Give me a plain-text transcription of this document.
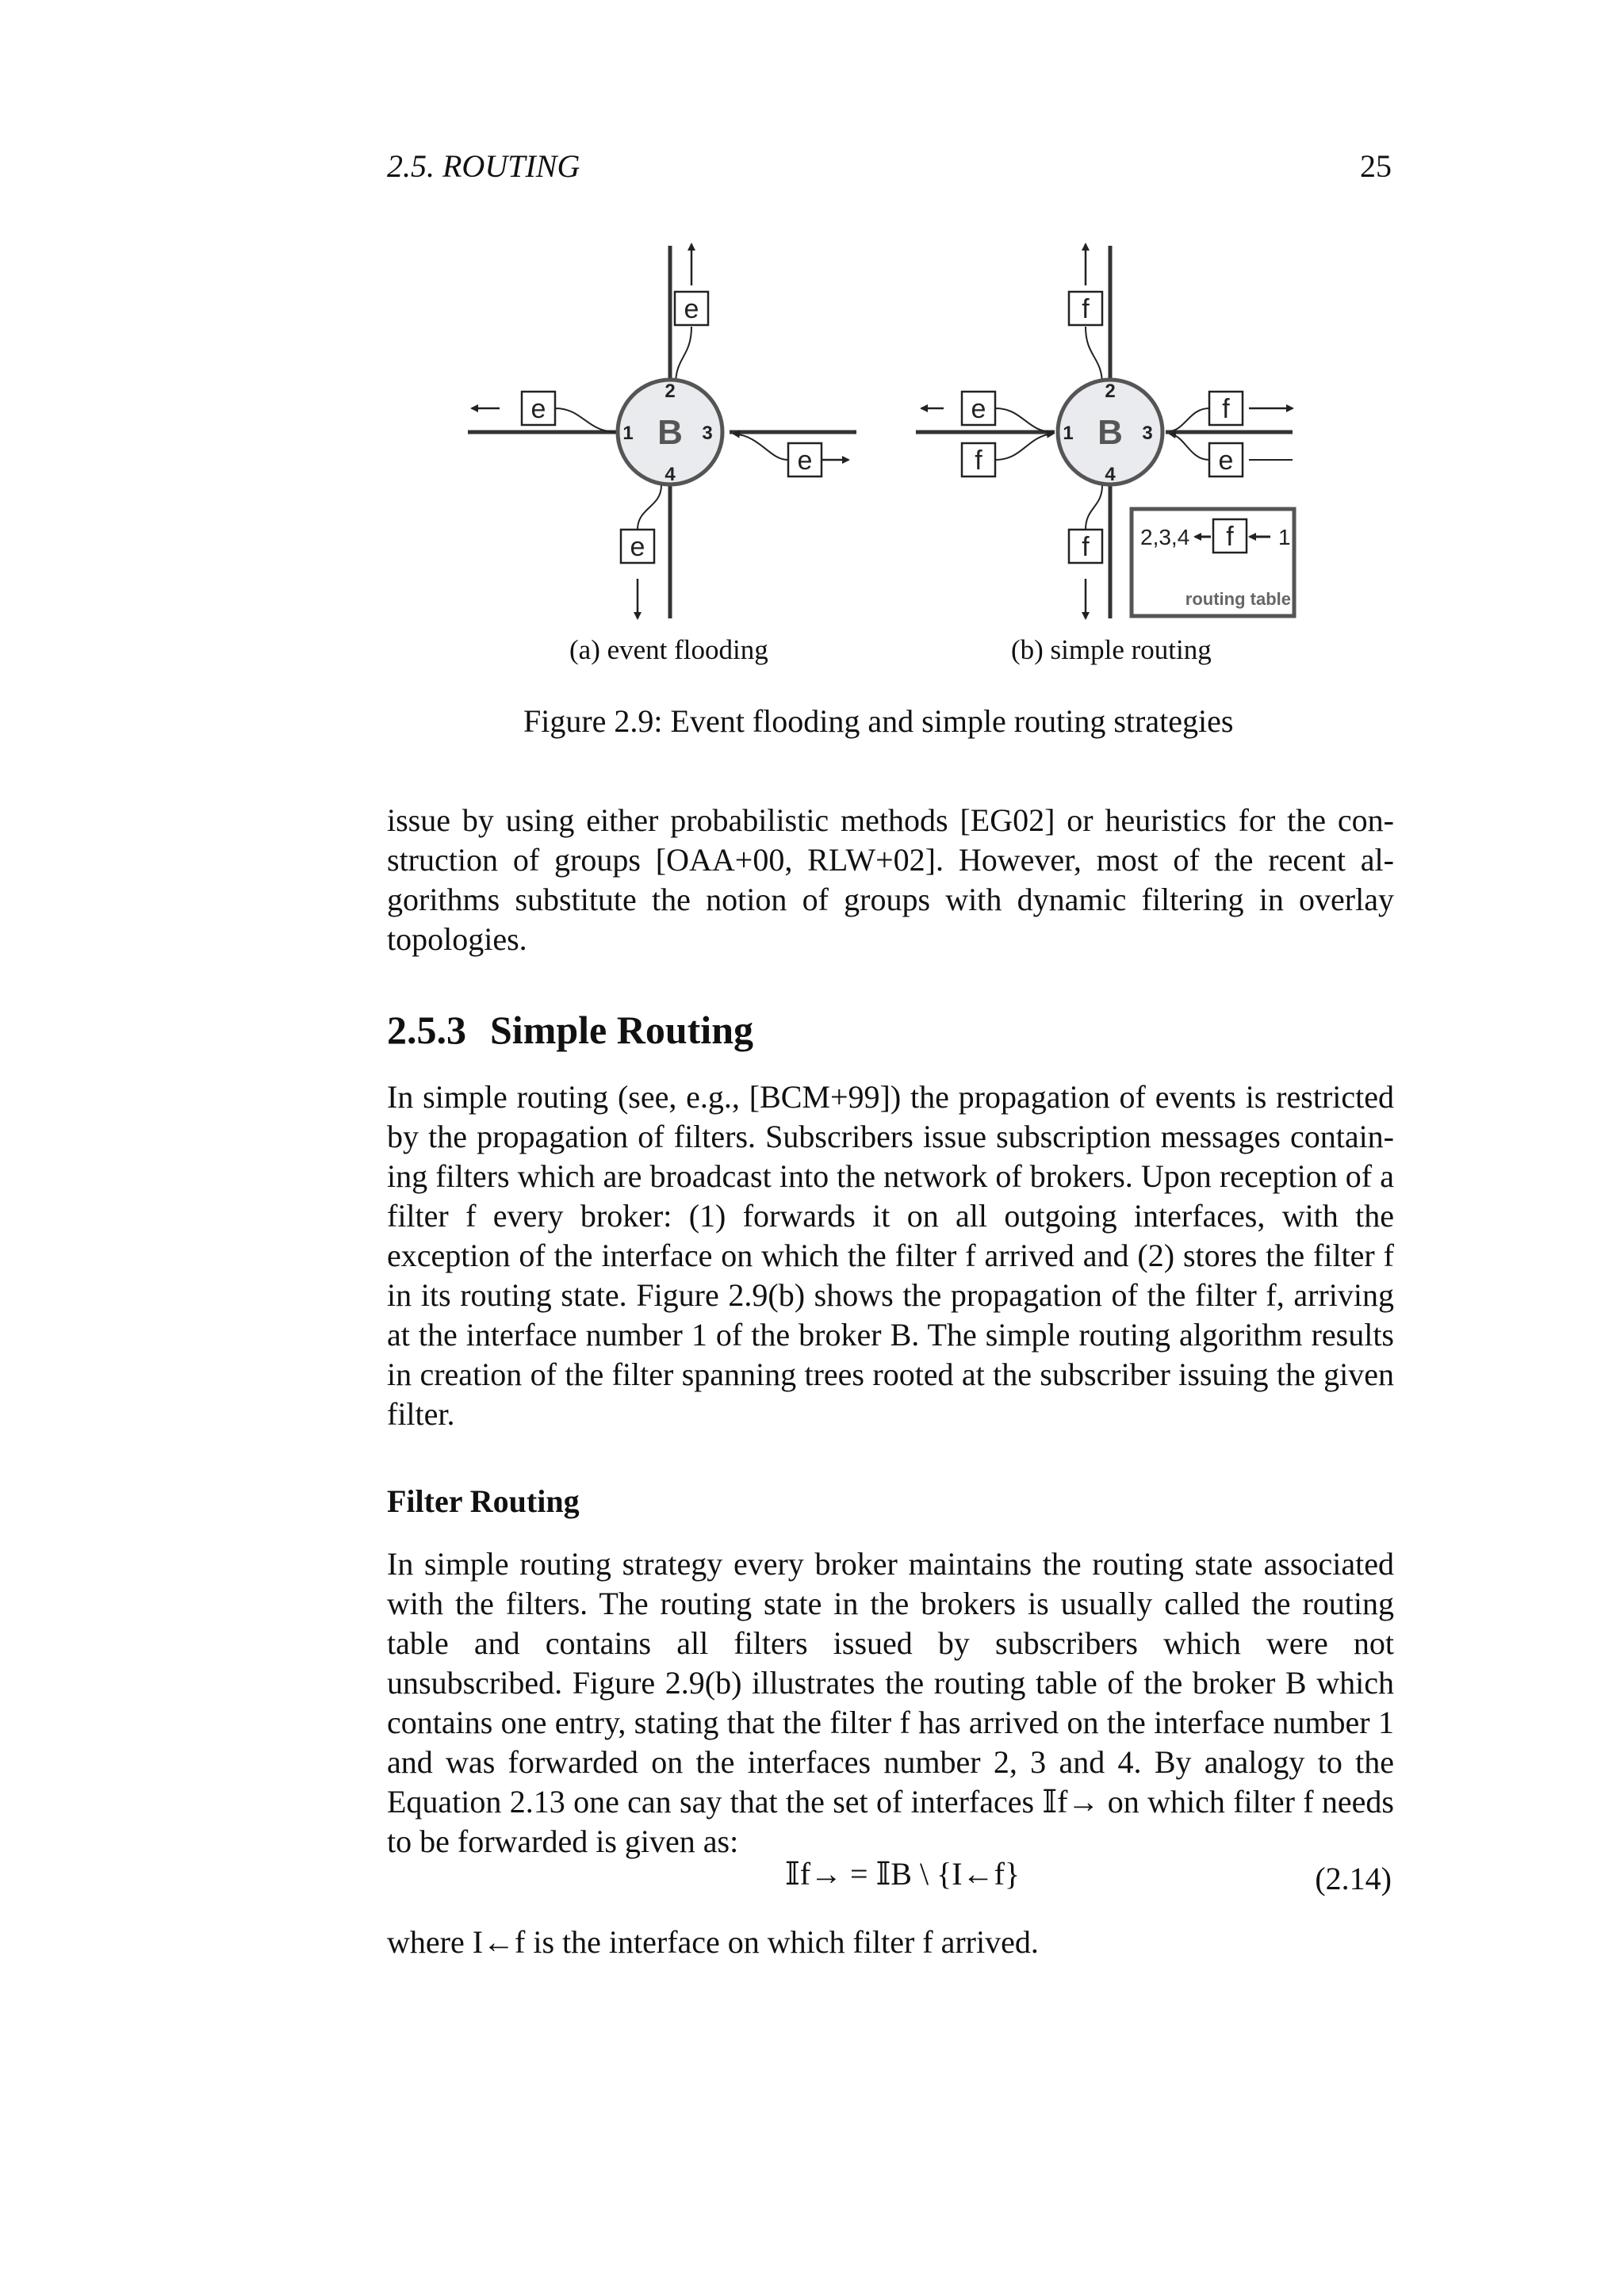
2.5. ROUTING	25
B	B
1
2
3
4
1
2
3
4
e
e
e
e
f
e
f
f
e
f 2,3,4 f 1
routing table
(a) event flooding	(b) simple routing
Figure 2.9: Event flooding and simple routing strategies

issue by using either probabilistic methods [EG02] or heuristics for the con-struction of groups [OAA+00, RLW+02]. However, most of the recent al-gorithms substitute the notion of groups with dynamic filtering in overlay topologies.

2.5.3 Simple Routing

In simple routing (see, e.g., [BCM+99]) the propagation of events is restricted by the propagation of filters. Subscribers issue subscription messages contain-ing filters which are broadcast into the network of brokers. Upon reception of a filter f every broker: (1) forwards it on all outgoing interfaces, with the exception of the interface on which the filter f arrived and (2) stores the filter f in its routing state. Figure 2.9(b) shows the propagation of the filter f, arriving at the interface number 1 of the broker B. The simple routing algorithm results in creation of the filter spanning trees rooted at the subscriber issuing the given filter.

Filter Routing

In simple routing strategy every broker maintains the routing state associated with the filters. The routing state in the brokers is usually called the routing table and contains all filters issued by subscribers which were not unsubscribed. Figure 2.9(b) illustrates the routing table of the broker B which contains one entry, stating that the filter f has arrived on the interface number 1 and was forwarded on the interfaces number 2, 3 and 4. By analogy to the Equation 2.13 one can say that the set of interfaces 𝕀f→ on which filter f needs to be forwarded is given as:

𝕀f→ = 𝕀B \ {I←f}	(2.14)
where I←f is the interface on which filter f arrived.
